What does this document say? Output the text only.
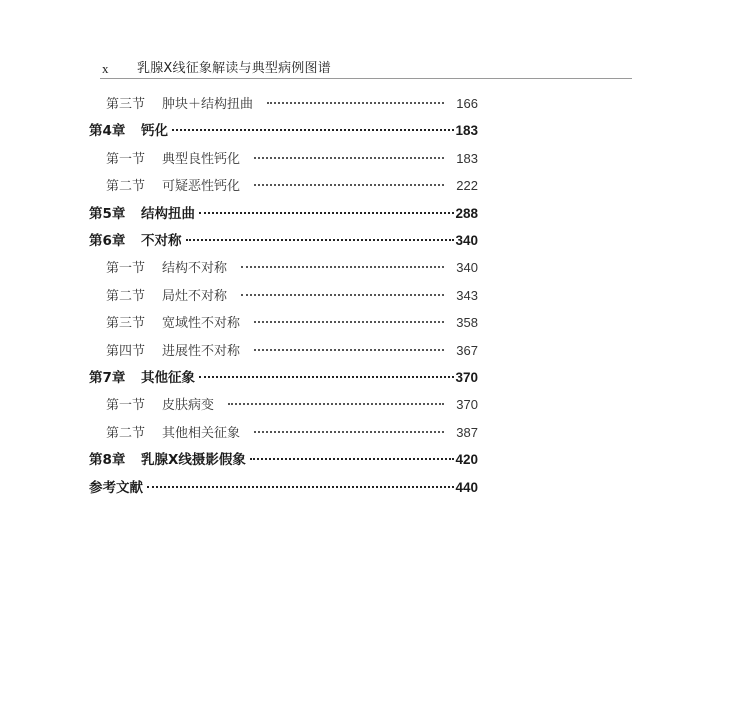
x 乳腺X线征象解读与典型病例图谱
第三节	肿块＋结构扭曲	166
第4章	钙化	183
第一节	典型良性钙化	183
第二节	可疑恶性钙化	222
第5章	结构扭曲	288
第6章	不对称	340
第一节	结构不对称	340
第二节	局灶不对称	343
第三节	宽域性不对称	358
第四节	进展性不对称	367
第7章	其他征象	370
第一节	皮肤病变	370
第二节	其他相关征象	387
第8章	乳腺X线摄影假象	420
参考文献	440
